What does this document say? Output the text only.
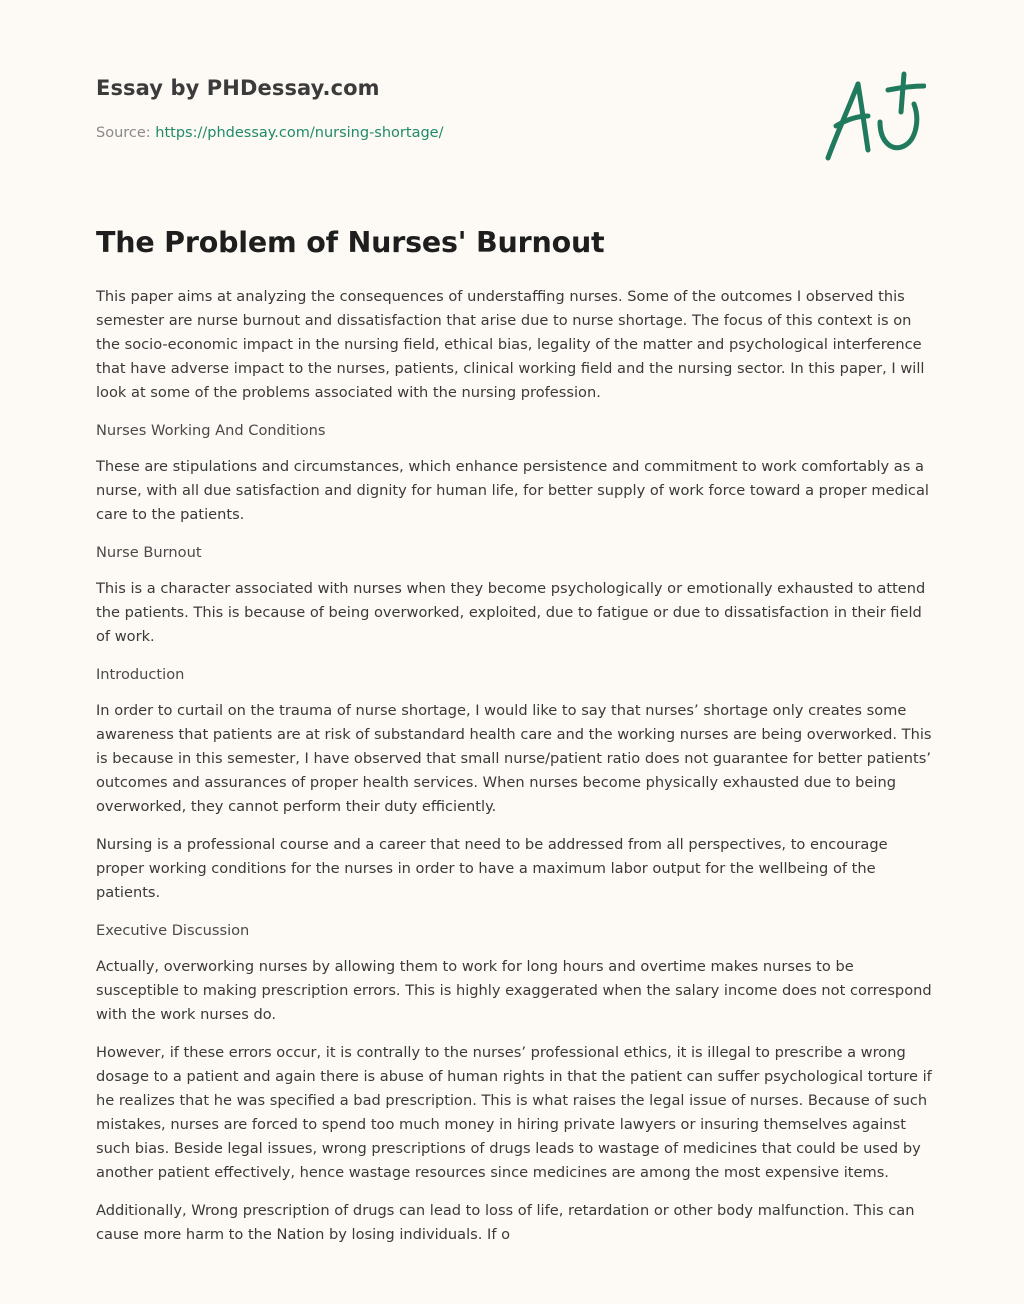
Essay by PHDessay.com
Source: https://phdessay.com/nursing-shortage/
The Problem of Nurses' Burnout

This paper aims at analyzing the consequences of understaffing nurses. Some of the outcomes I observed this semester are nurse burnout and dissatisfaction that arise due to nurse shortage. The focus of this context is on the socio-economic impact in the nursing field, ethical bias, legality of the matter and psychological interference that have adverse impact to the nurses, patients, clinical working field and the nursing sector. In this paper, I will look at some of the problems associated with the nursing profession.

Nurses Working And Conditions

These are stipulations and circumstances, which enhance persistence and commitment to work comfortably as a nurse, with all due satisfaction and dignity for human life, for better supply of work force toward a proper medical care to the patients.

Nurse Burnout

This is a character associated with nurses when they become psychologically or emotionally exhausted to attend the patients. This is because of being overworked, exploited, due to fatigue or due to dissatisfaction in their field of work.

Introduction

In order to curtail on the trauma of nurse shortage, I would like to say that nurses’ shortage only creates some awareness that patients are at risk of substandard health care and the working nurses are being overworked. This is because in this semester, I have observed that small nurse/patient ratio does not guarantee for better patients’ outcomes and assurances of proper health services. When nurses become physically exhausted due to being overworked, they cannot perform their duty efficiently.

Nursing is a professional course and a career that need to be addressed from all perspectives, to encourage proper working conditions for the nurses in order to have a maximum labor output for the wellbeing of the patients.

Executive Discussion

Actually, overworking nurses by allowing them to work for long hours and overtime makes nurses to be susceptible to making prescription errors. This is highly exaggerated when the salary income does not correspond with the work nurses do.

However, if these errors occur, it is contrally to the nurses’ professional ethics, it is illegal to prescribe a wrong dosage to a patient and again there is abuse of human rights in that the patient can suffer psychological torture if he realizes that he was specified a bad prescription. This is what raises the legal issue of nurses. Because of such mistakes, nurses are forced to spend too much money in hiring private lawyers or insuring themselves against such bias. Beside legal issues, wrong prescriptions of drugs leads to wastage of medicines that could be used by another patient effectively, hence wastage resources since medicines are among the most expensive items.

Additionally, Wrong prescription of drugs can lead to loss of life, retardation or other body malfunction. This can cause more harm to the Nation by losing individuals. If o
